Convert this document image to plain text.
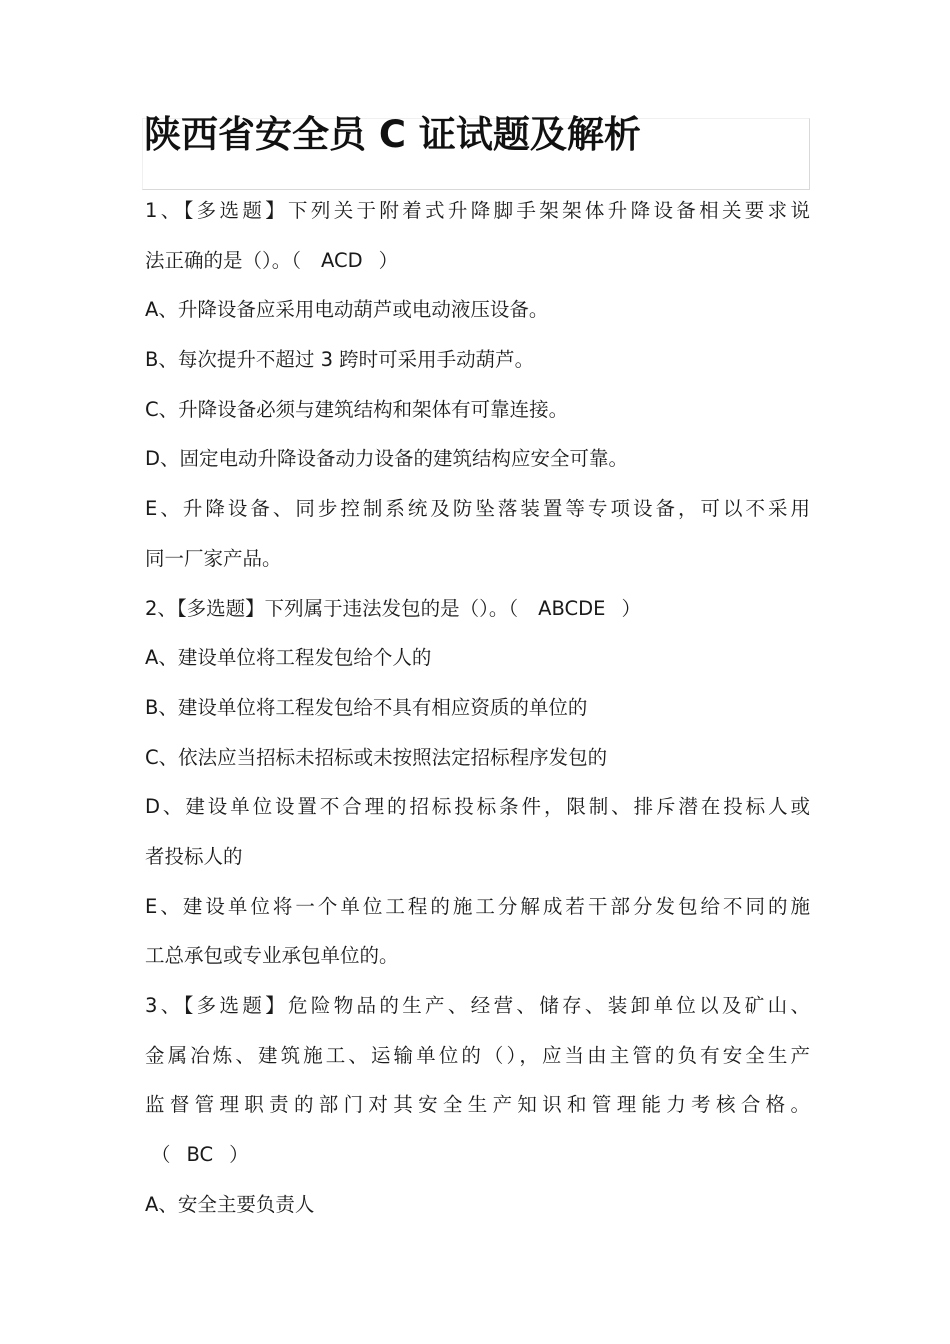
陕西省安全员 C 证试题及解析
1、【多选题】下列关于附着式升降脚手架架体升降设备相关要求说
法正确的是（）。（ ACD ）
A、升降设备应采用电动葫芦或电动液压设备。
B、每次提升不超过 3 跨时可采用手动葫芦。
C、升降设备必须与建筑结构和架体有可靠连接。
D、固定电动升降设备动力设备的建筑结构应安全可靠。
E、升降设备、同步控制系统及防坠落装置等专项设备，可以不采用
同一厂家产品。
2、【多选题】下列属于违法发包的是（）。（ ABCDE ）
A、建设单位将工程发包给个人的
B、建设单位将工程发包给不具有相应资质的单位的
C、依法应当招标未招标或未按照法定招标程序发包的
D、建设单位设置不合理的招标投标条件，限制、排斥潜在投标人或
者投标人的
E、建设单位将一个单位工程的施工分解成若干部分发包给不同的施
工总承包或专业承包单位的。
3、【多选题】危险物品的生产、经营、储存、装卸单位以及矿山、
金属冶炼、建筑施工、运输单位的（），应当由主管的负有安全生产
监督管理职责的部门对其安全生产知识和管理能力考核合格。
（ BC ）
A、安全主要负责人
